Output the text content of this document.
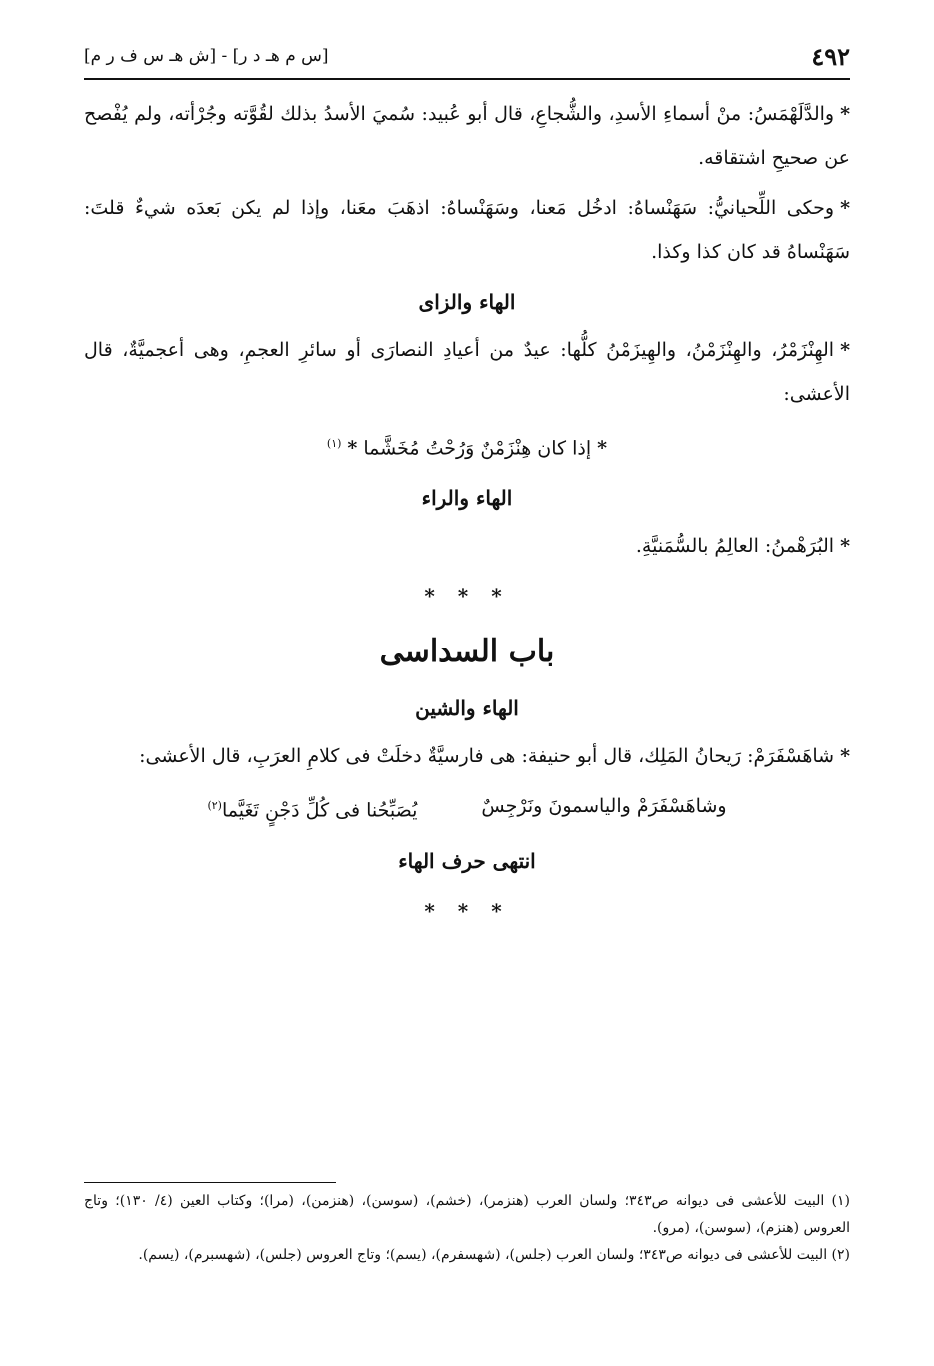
٤٩٢
[س م هـ د ر] - [ش هـ س ف ر م]

*والدَّلَهْمَسُ: منْ أسماءِ الأسدِ، والشُّجاعِ، قال أبو عُبيد: سُميَ الأسدُ بذلك لقُوَّته وجُرْأته، ولم يُفْصح عن صحيحِ اشتقاقه.

*وحكى اللِّحيانيُّ: سَهَنْساهُ: ادخُل مَعنا، وسَهَنْساهُ: اذهَبَ معَنا، وإذا لم يكن بَعدَه شيءٌ قلتَ: سَهَنْساهُ قد كان كذا وكذا.

الهاء والزاى

*الهِنْزَمْرُ، والهِنْزَمْنُ، والهِيزَمْنُ كلُّها: عيدٌ من أعيادِ النصارَى أو سائرِ العجمِ، وهى أعجميَّةٌ، قال الأعشى:

*إذا كان هِنْزَمْنٌ وَرُحْتُ مُخَشَّما *$^{(١)}$

الهاء والراء

*البُرَهْمنُ: العالِمُ بالسُّمَنيَّةِ.

* * *
باب السداسى
الهاء والشين

*شاهَسْفَرَمْ: رَيحانُ المَلِك، قال أبو حنيفة: هى فارسيَّةٌ دخلَتْ فى كلامِ العرَبِ، قال الأعشى:

وشاهَسْفَرَمْ والياسمونَ ونَرْجِسٌ
يُصَبِّحُنا فى كُلِّ دَجْنٍ تَغَيَّما$^{(٢)}$
انتهى حرف الهاء
* * *

(١) البيت للأعشى فى ديوانه ص٣٤٣؛ ولسان العرب (هنزمر)، (خشم)، (سوسن)، (هنزمن)، (مرا)؛ وكتاب العين (٤/ ١٣٠)؛ وتاج العروس (هنزم)، (سوسن)، (مرو).

(٢) البيت للأعشى فى ديوانه ص٣٤٣؛ ولسان العرب (جلس)، (شهسفرم)، (يسم)؛ وتاج العروس (جلس)، (شهسبرم)، (يسم).
